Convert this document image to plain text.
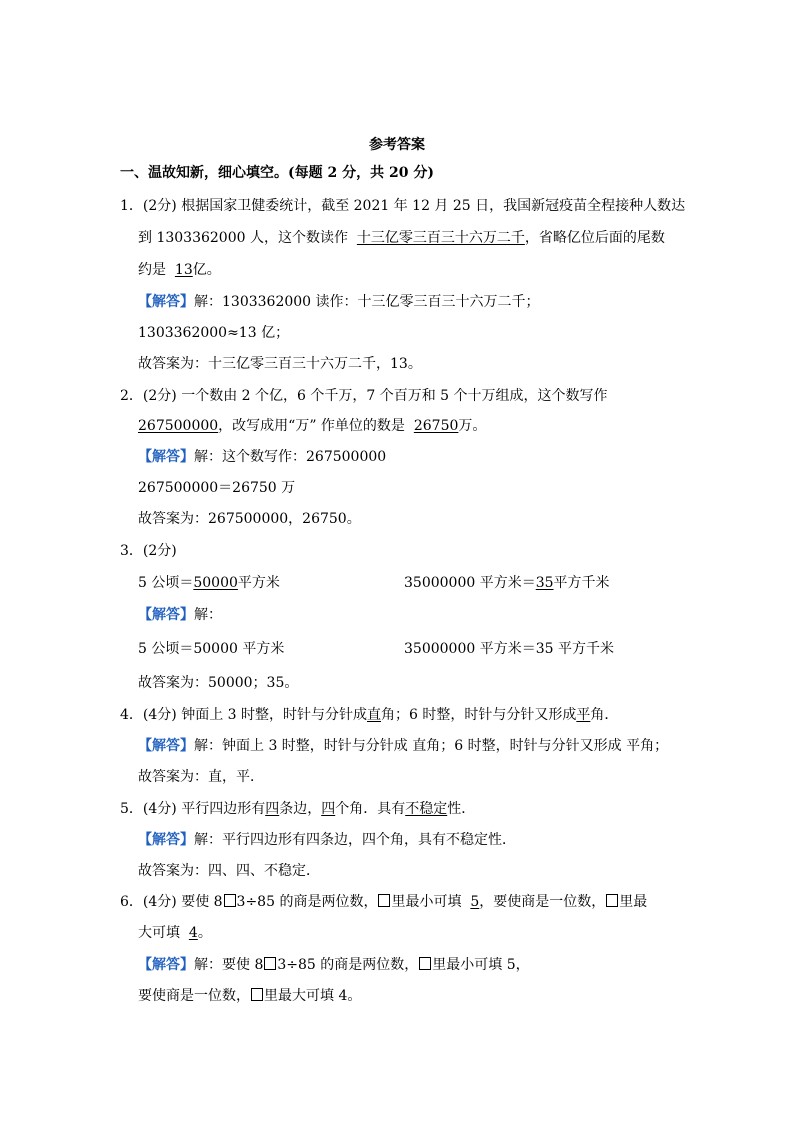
参考答案
一、温故知新，细心填空。(每题 2 分，共 20 分)
1．(2分) 根据国家卫健委统计，截至 2021 年 12 月 25 日，我国新冠疫苗全程接种人数达
到 1303362000 人，这个数读作  十三亿零三百三十六万二千，省略亿位后面的尾数
约是  13亿。
【解答】解：1303362000 读作：十三亿零三百三十六万二千；
1303362000≈13 亿；
故答案为：十三亿零三百三十六万二千，13。
2．(2分) 一个数由 2 个亿，6 个千万，7 个百万和 5 个十万组成，这个数写作
267500000，改写成用“万” 作单位的数是  26750万。
【解答】解：这个数写作：267500000
267500000＝26750 万
故答案为：267500000，26750。
3．(2分)
5 公顷＝50000平方米	35000000 平方米＝35平方千米
【解答】解：
5 公顷＝50000 平方米	35000000 平方米＝35 平方千米
故答案为：50000；35。
4．(4分) 钟面上 3 时整，时针与分针成直角；6 时整，时针与分针又形成平角．
【解答】解：钟面上 3 时整，时针与分针成 直角；6 时整，时针与分针又形成 平角；
故答案为：直，平．
5．(4分) 平行四边形有四条边，四个角．具有不稳定性．
【解答】解：平行四边形有四条边，四个角，具有不稳定性．
故答案为：四、四、不稳定．
6．(4分) 要使 8 3÷85 的商是两位数， 里最小可填  5，要使商是一位数， 里最
大可填  4。
【解答】解：要使 8 3÷85 的商是两位数， 里最小可填 5，
要使商是一位数， 里最大可填 4。
